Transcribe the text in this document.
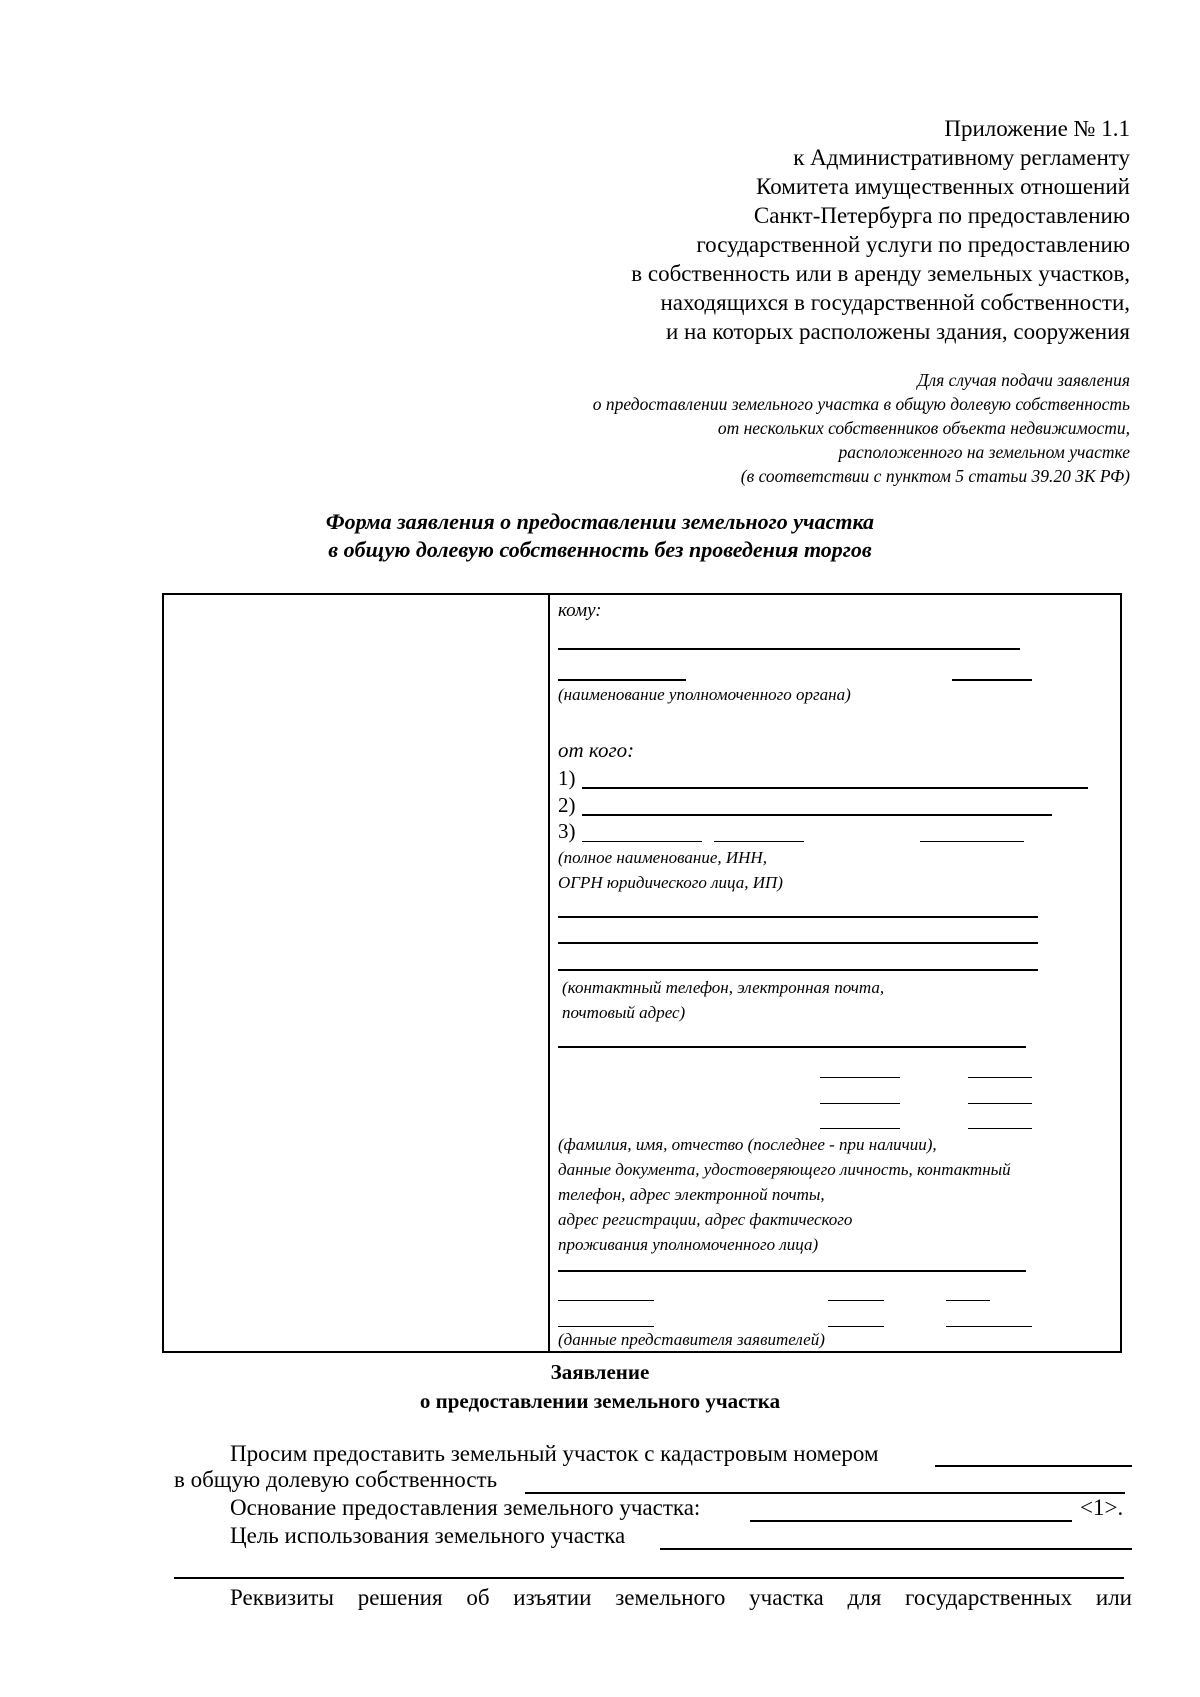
Приложение № 1.1
к Административному регламенту
Комитета имущественных отношений
Санкт-Петербурга по предоставлению
государственной услуги по предоставлению
в собственность или в аренду земельных участков,
находящихся в государственной собственности,
и на которых расположены здания, сооружения
Для случая подачи заявления
о предоставлении земельного участка в общую долевую собственность
от нескольких собственников объекта недвижимости,
расположенного на земельном участке
(в соответствии с пунктом 5 статьи 39.20 ЗК РФ)
Форма заявления о предоставлении земельного участка
в общую долевую собственность без проведения торгов
кому:
(наименование уполномоченного органа)
от кого:
1)
2)
3)
(полное наименование, ИНН,
ОГРН юридического лица, ИП)
(контактный телефон, электронная почта,
почтовый адрес)
(фамилия, имя, отчество (последнее - при наличии),
данные документа, удостоверяющего личность, контактный
телефон, адрес электронной почты,
адрес регистрации, адрес фактического
проживания уполномоченного лица)
(данные представителя заявителей)
Заявление
о предоставлении земельного участка
Просим предоставить земельный участок с кадастровым номером
в общую долевую собственность
Основание предоставления земельного участка:	<1>.
Цель использования земельного участка
Реквизиты решения об изъятии земельного участка для государственных или
